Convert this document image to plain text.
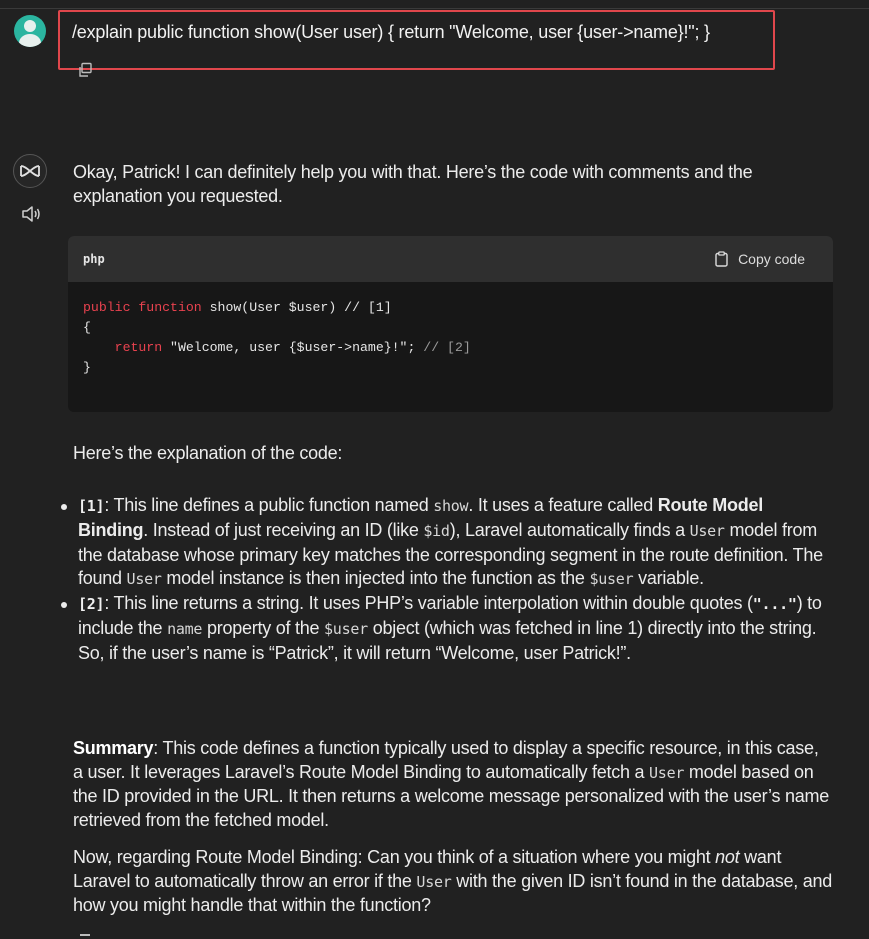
/explain public function show(User user) { return "Welcome, user {user->name}!"; }
Okay, Patrick! I can definitely help you with that. Here’s the code with comments and the explanation you requested.
php	Copy code
public function show(User $user) // [1]
{
return "Welcome, user {$user->name}!"; // [2]
}
Here’s the explanation of the code:
[1]: This line defines a public function named show. It uses a feature called Route Model Binding. Instead of just receiving an ID (like $id), Laravel automatically finds a User model from the database whose primary key matches the corresponding segment in the route definition. The found User model instance is then injected into the function as the $user variable.
[2]: This line returns a string. It uses PHP’s variable interpolation within double quotes ("...") to include the name property of the $user object (which was fetched in line 1) directly into the string. So, if the user’s name is “Patrick”, it will return “Welcome, user Patrick!”.
Summary: This code defines a function typically used to display a specific resource, in this case, a user. It leverages Laravel’s Route Model Binding to automatically fetch a User model based on the ID provided in the URL. It then returns a welcome message personalized with the user’s name retrieved from the fetched model.
Now, regarding Route Model Binding: Can you think of a situation where you might not want Laravel to automatically throw an error if the User with the given ID isn’t found in the database, and how you might handle that within the function?
